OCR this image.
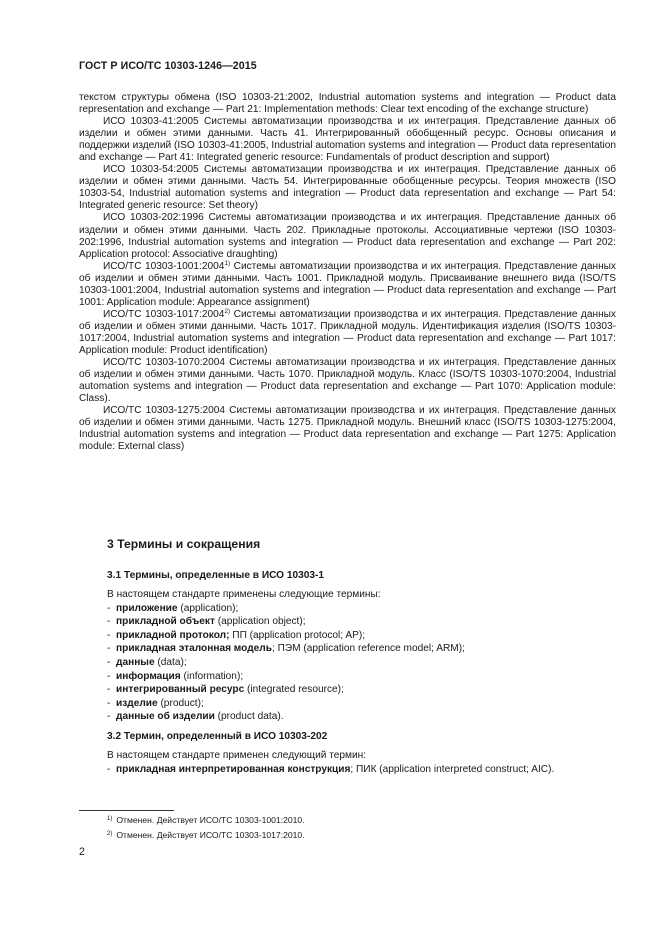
ГОСТ Р ИСО/ТС 10303-1246—2015

текстом структуры обмена (ISO 10303-21:2002, Industrial automation systems and integration — Product data representation and exchange — Part 21: Implementation methods: Clear text encoding of the exchange structure)

ИСО 10303-41:2005 Системы автоматизации производства и их интеграция. Представление данных об изделии и обмен этими данными. Часть 41. Интегрированный обобщенный ресурс. Основы описания и поддержки изделий (ISO 10303-41:2005, Industrial automation systems and integration — Product data representation and exchange — Part 41: Integrated generic resource: Fundamentals of product description and support)

ИСО 10303-54:2005 Системы автоматизации производства и их интеграция. Представление данных об изделии и обмен этими данными. Часть 54. Интегрированные обобщенные ресурсы. Теория множеств (ISO 10303-54, Industrial automation systems and integration — Product data representation and exchange — Part 54: Integrated generic resource: Set theory)

ИСО 10303-202:1996 Системы автоматизации производства и их интеграция. Представление данных об изделии и обмен этими данными. Часть 202. Прикладные протоколы. Ассоциативные чертежи (ISO 10303-202:1996, Industrial automation systems and integration — Product data representation and exchange — Part 202: Application protocol: Associative draughting)

ИСО/ТС 10303-1001:2004$^{1)}$ Системы автоматизации производства и их интеграция. Представление данных об изделии и обмен этими данными. Часть 1001. Прикладной модуль. Присваивание внешнего вида (ISO/TS 10303-1001:2004, Industrial automation systems and integration — Product data representation and exchange — Part 1001: Application module: Appearance assignment)

ИСО/ТС 10303-1017:2004$^{2)}$ Системы автоматизации производства и их интеграция. Представление данных об изделии и обмен этими данными. Часть 1017. Прикладной модуль. Идентификация изделия (ISO/TS 10303-1017:2004, Industrial automation systems and integration — Product data representation and exchange — Part 1017: Application module: Product identification)

ИСО/ТС 10303-1070:2004 Системы автоматизации производства и их интеграция. Представление данных об изделии и обмен этими данными. Часть 1070. Прикладной модуль. Класс (ISO/TS 10303-1070:2004, Industrial automation systems and integration — Product data representation and exchange — Part 1070: Application module: Class).

ИСО/ТС 10303-1275:2004 Системы автоматизации производства и их интеграция. Представление данных об изделии и обмен этими данными. Часть 1275. Прикладной модуль. Внешний класс (ISO/TS 10303-1275:2004, Industrial automation systems and integration — Product data representation and exchange — Part 1275: Application module: External class)

3 Термины и сокращения
3.1 Термины, определенные в ИСО 10303-1
В настоящем стандарте применены следующие термины:
- приложение (application);
- прикладной объект (application object);
- прикладной протокол; ПП (application protocol; AP);
- прикладная эталонная модель; ПЭМ (application reference model; ARM);
- данные (data);
- информация (information);
- интегрированный ресурс (integrated resource);
- изделие (product);
- данные об изделии (product data).
3.2 Термин, определенный в ИСО 10303-202
В настоящем стандарте применен следующий термин:
- прикладная интерпретированная конструкция; ПИК (application interpreted construct; AIC).
$^{1)}$ Отменен. Действует ИСО/ТС 10303-1001:2010.
$^{2)}$ Отменен. Действует ИСО/ТС 10303-1017:2010.
2
